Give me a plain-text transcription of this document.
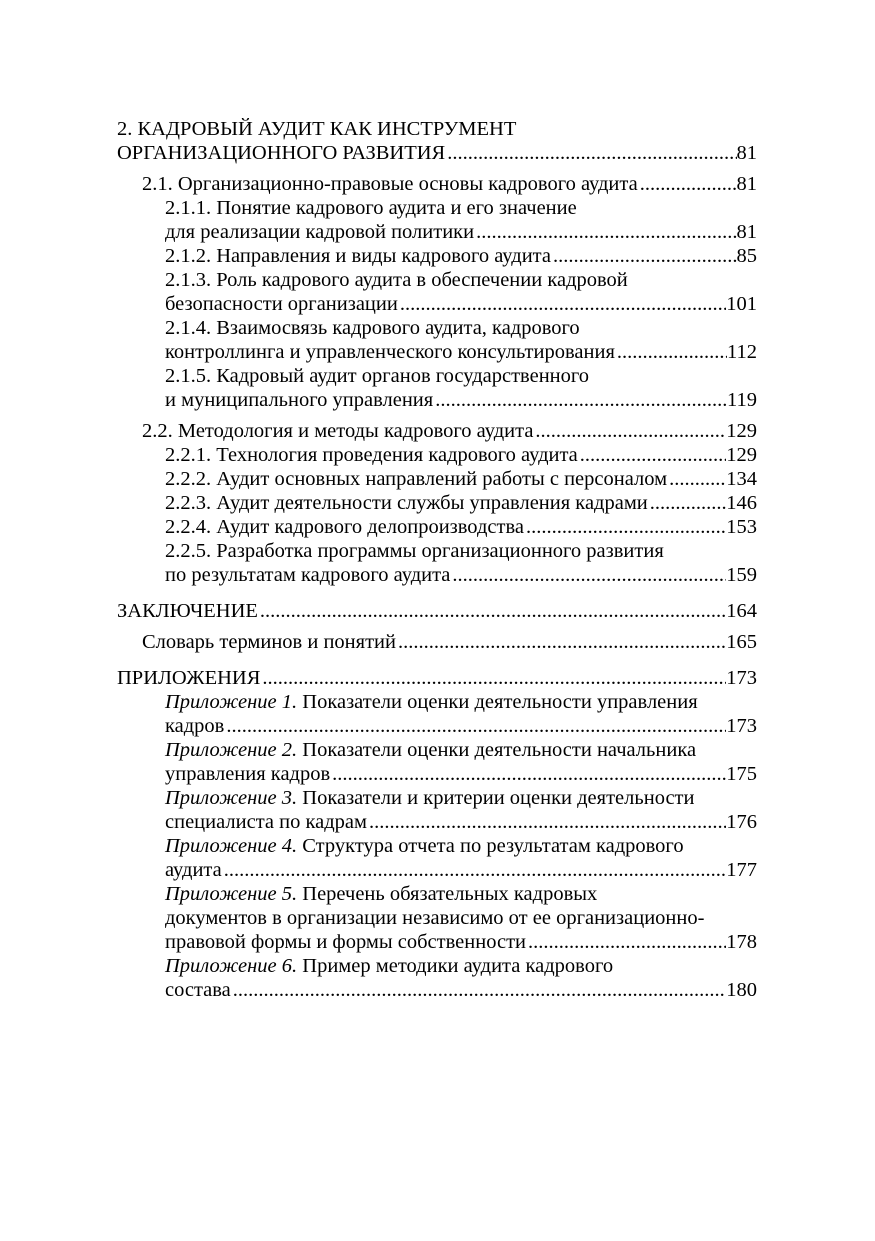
2. КАДРОВЫЙ АУДИТ КАК ИНСТРУМЕНТ
ОРГАНИЗАЦИОННОГО РАЗВИТИЯ .....	81
2.1. Организационно-правовые основы кадрового аудита .....	81
2.1.1. Понятие кадрового аудита и его значение
для реализации кадровой политики .....	81
2.1.2. Направления и виды кадрового аудита .....	85
2.1.3. Роль кадрового аудита в обеспечении кадровой
безопасности организации .....	101
2.1.4. Взаимосвязь кадрового аудита, кадрового
контроллинга и управленческого консультирования .....	112
2.1.5. Кадровый аудит органов государственного
и муниципального управления .....	119
2.2. Методология и методы кадрового аудита .....	129
2.2.1. Технология проведения кадрового аудита .....	129
2.2.2. Аудит основных направлений работы с персоналом .....	134
2.2.3. Аудит деятельности службы управления кадрами .....	146
2.2.4. Аудит кадрового делопроизводства .....	153
2.2.5. Разработка программы организационного развития
по результатам кадрового аудита .....	159
ЗАКЛЮЧЕНИЕ .....	164
Словарь терминов и понятий .....	165
ПРИЛОЖЕНИЯ .....	173
Приложение 1. Показатели оценки деятельности управления
кадров .....	173
Приложение 2. Показатели оценки деятельности начальника
управления кадров .....	175
Приложение 3. Показатели и критерии оценки деятельности
специалиста по кадрам .....	176
Приложение 4. Структура отчета по результатам кадрового
аудита .....	177
Приложение 5. Перечень обязательных кадровых
документов в организации независимо от ее организационно-
правовой формы и формы собственности .....	178
Приложение 6. Пример методики аудита кадрового
состава .....	180
